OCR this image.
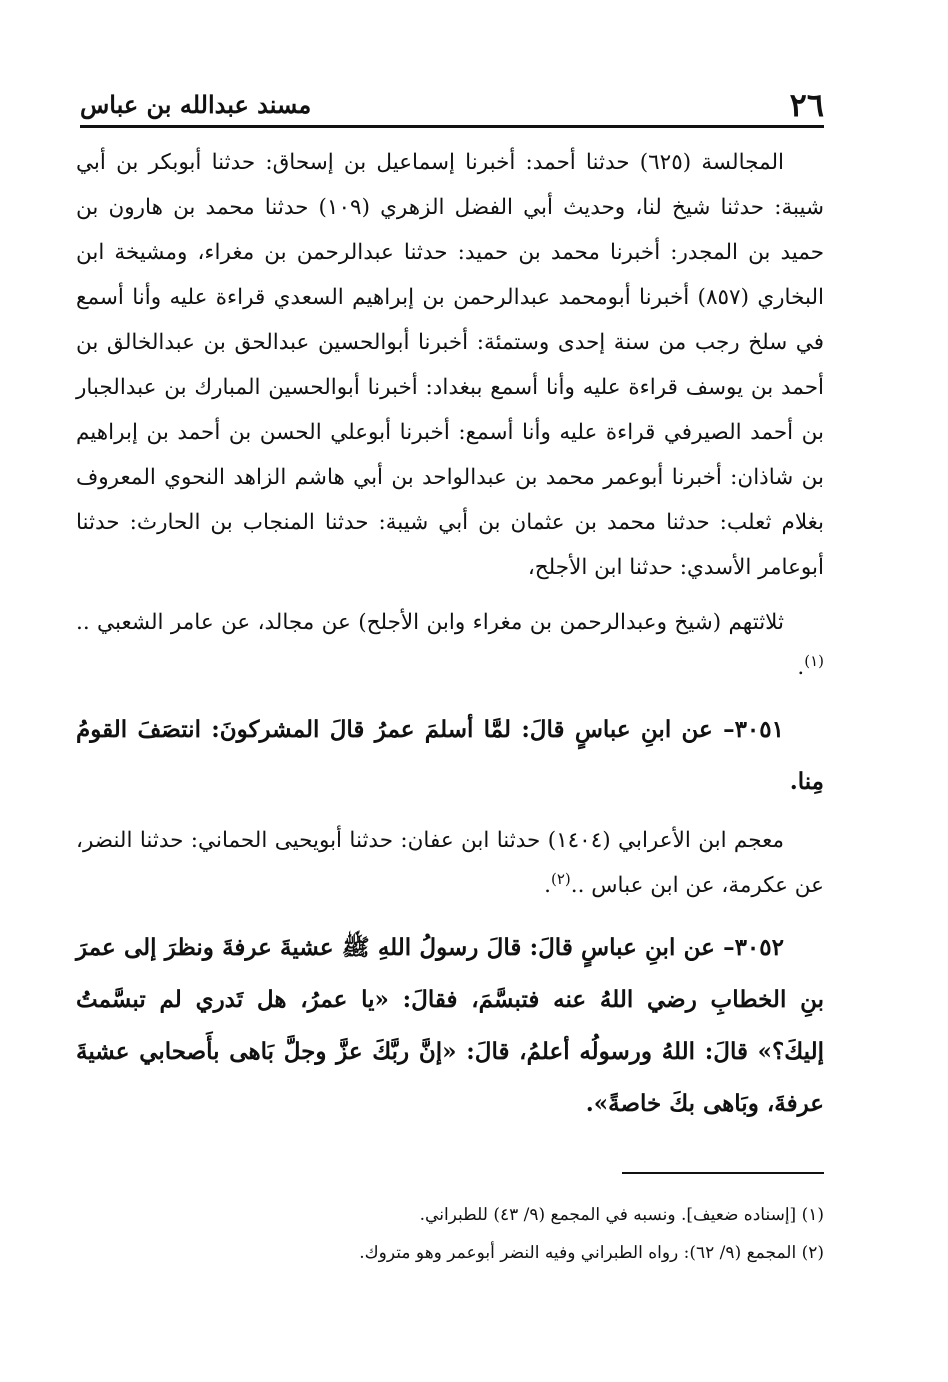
٢٦
مسند عبدالله بن عباس

المجالسة (٦٢٥) حدثنا أحمد: أخبرنا إسماعيل بن إسحاق: حدثنا أبوبكر بن أبي شيبة: حدثنا شيخ لنا، وحديث أبي الفضل الزهري (١٠٩) حدثنا محمد بن هارون بن حميد بن المجدر: أخبرنا محمد بن حميد: حدثنا عبدالرحمن بن مغراء، ومشيخة ابن البخاري (٨٥٧) أخبرنا أبومحمد عبدالرحمن بن إبراهيم السعدي قراءة عليه وأنا أسمع في سلخ رجب من سنة إحدى وستمئة: أخبرنا أبوالحسين عبدالحق بن عبدالخالق بن أحمد بن يوسف قراءة عليه وأنا أسمع ببغداد: أخبرنا أبوالحسين المبارك بن عبدالجبار بن أحمد الصيرفي قراءة عليه وأنا أسمع: أخبرنا أبوعلي الحسن بن أحمد بن إبراهيم بن شاذان: أخبرنا أبوعمر محمد بن عبدالواحد بن أبي هاشم الزاهد النحوي المعروف بغلام ثعلب: حدثنا محمد بن عثمان بن أبي شيبة: حدثنا المنجاب بن الحارث: حدثنا أبوعامر الأسدي: حدثنا ابن الأجلح،

ثلاثتهم (شيخ وعبدالرحمن بن مغراء وابن الأجلح) عن مجالد، عن عامر الشعبي ..$^{(١)}$.

٣٠٥١– عن ابنِ عباسٍ قالَ: لمَّا أسلمَ عمرُ قالَ المشركونَ: انتصَفَ القومُ مِنا.

معجم ابن الأعرابي (١٤٠٤) حدثنا ابن عفان: حدثنا أبويحيى الحماني: حدثنا النضر، عن عكرمة، عن ابن عباس ..$^{(٢)}$.

٣٠٥٢– عن ابنِ عباسٍ قالَ: قالَ رسولُ اللهِ ﷺ عشيةَ عرفةَ ونظرَ إلى عمرَ بنِ الخطابِ رضي اللهُ عنه فتبسَّمَ، فقالَ: «يا عمرُ، هل تَدري لم تبسَّمتُ إليكَ؟» قالَ: اللهُ ورسولُه أعلمُ، قالَ: «إنَّ ربَّكَ عزَّ وجلَّ بَاهى بأَصحابي عشيةَ عرفةَ، وبَاهى بكَ خاصةً».

(١) [إسناده ضعيف]. ونسبه في المجمع (٩/ ٤٣) للطبراني.

(٢) المجمع (٩/ ٦٢): رواه الطبراني وفيه النضر أبوعمر وهو متروك.
